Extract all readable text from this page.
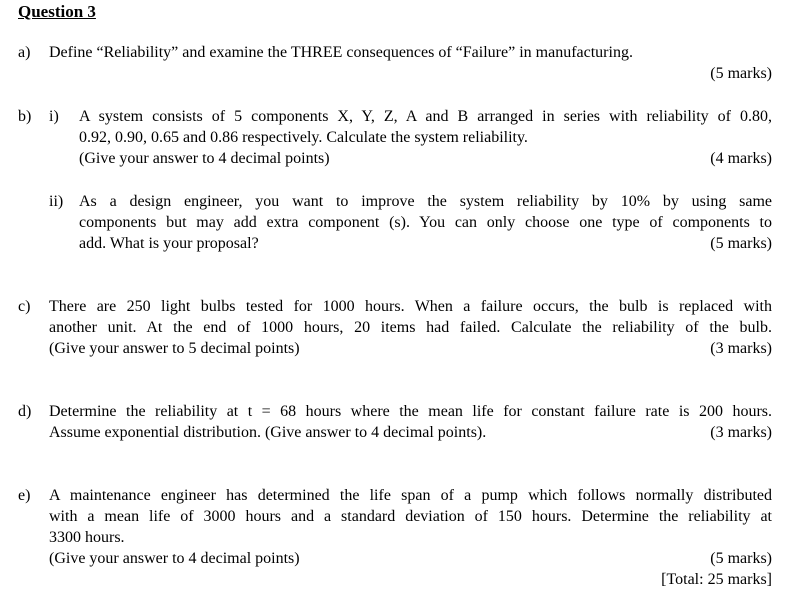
Question 3
a) Define “Reliability” and examine the THREE consequences of “Failure” in manufacturing.
(5 marks)
b) i) A system consists of 5 components X, Y, Z, A and B arranged in series with reliability of 0.80,
0.92, 0.90, 0.65 and 0.86 respectively. Calculate the system reliability.
(Give your answer to 4 decimal points)	(4 marks)
ii) As a design engineer, you want to improve the system reliability by 10% by using same
components but may add extra component (s). You can only choose one type of components to
add. What is your proposal?	(5 marks)
c) There are 250 light bulbs tested for 1000 hours. When a failure occurs, the bulb is replaced with
another unit. At the end of 1000 hours, 20 items had failed. Calculate the reliability of the bulb.
(Give your answer to 5 decimal points)	(3 marks)
d) Determine the reliability at t = 68 hours where the mean life for constant failure rate is 200 hours.
Assume exponential distribution. (Give answer to 4 decimal points).	(3 marks)
e) A maintenance engineer has determined the life span of a pump which follows normally distributed
with a mean life of 3000 hours and a standard deviation of 150 hours. Determine the reliability at
3300 hours.
(Give your answer to 4 decimal points)	(5 marks)
[Total: 25 marks]
